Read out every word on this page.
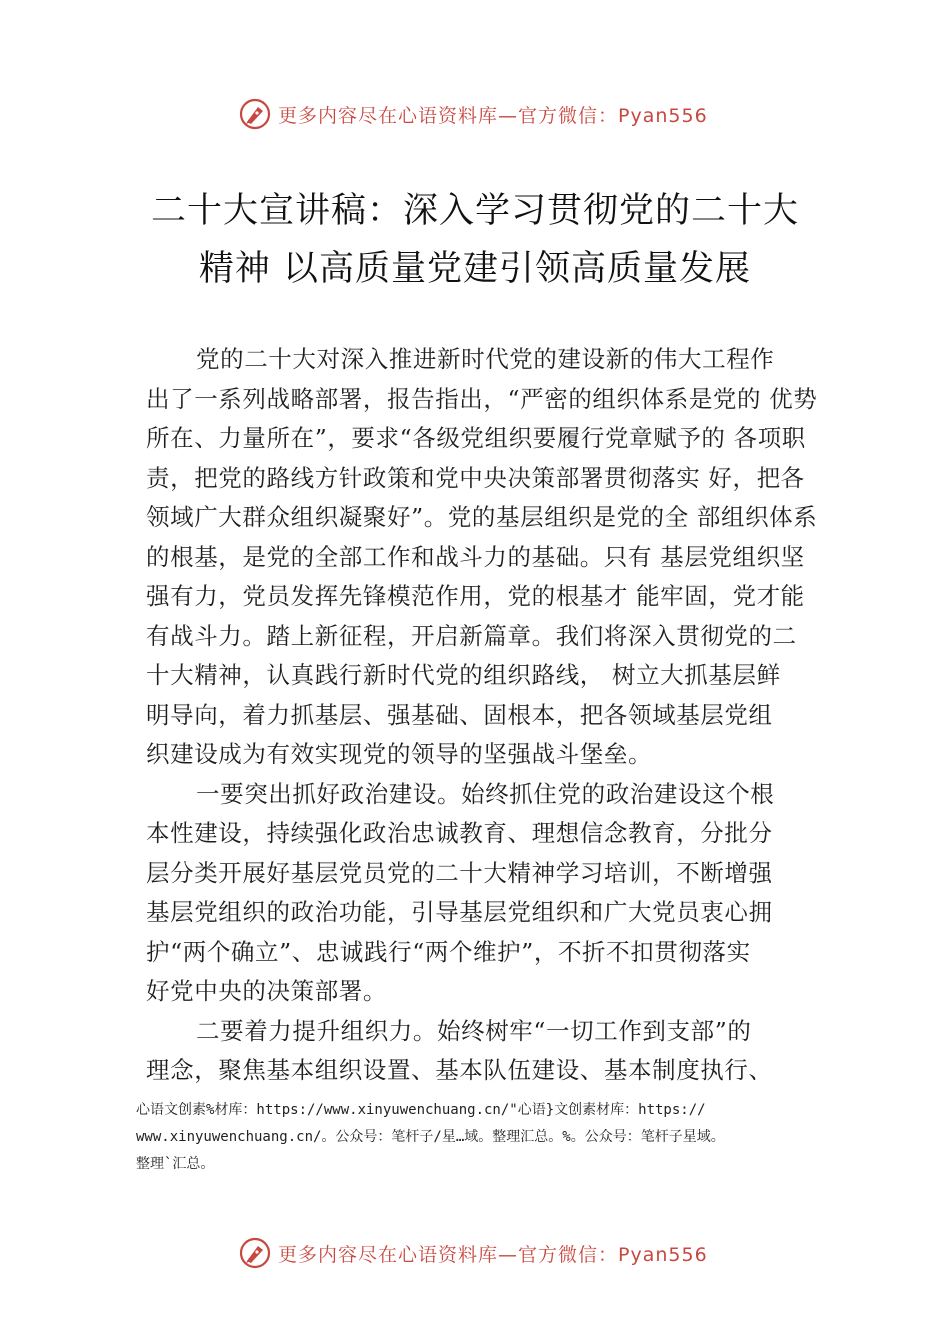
更多内容尽在心语资料库—官方微信：Pyan556
二十大宣讲稿：深入学习贯彻党的二十大
精神 以高质量党建引领高质量发展
党的二十大对深入推进新时代党的建设新的伟大工程作
出了一系列战略部署，报告指出，“严密的组织体系是党的 优势
所在、力量所在”，要求“各级党组织要履行党章赋予的 各项职
责，把党的路线方针政策和党中央决策部署贯彻落实 好，把各
领域广大群众组织凝聚好”。党的基层组织是党的全 部组织体系
的根基，是党的全部工作和战斗力的基础。只有 基层党组织坚
强有力，党员发挥先锋模范作用，党的根基才 能牢固，党才能
有战斗力。踏上新征程，开启新篇章。我们将深入贯彻党的二
十大精神，认真践行新时代党的组织路线， 树立大抓基层鲜
明导向，着力抓基层、强基础、固根本，把各领域基层党组
织建设成为有效实现党的领导的坚强战斗堡垒。
一要突出抓好政治建设。始终抓住党的政治建设这个根
本性建设，持续强化政治忠诚教育、理想信念教育，分批分
层分类开展好基层党员党的二十大精神学习培训，不断增强
基层党组织的政治功能，引导基层党组织和广大党员衷心拥
护“两个确立”、忠诚践行“两个维护”，不折不扣贯彻落实
好党中央的决策部署。
二要着力提升组织力。始终树牢“一切工作到支部”的
理念，聚焦基本组织设置、基本队伍建设、基本制度执行、
心语文创素%材库：https://www.xinyuwenchuang.cn/"心语}文创素材库：https://
www.xinyuwenchuang.cn/。公众号：笔杆子/星…域。整理汇总。%。公众号：笔杆子星域。
整理`汇总。
更多内容尽在心语资料库—官方微信：Pyan556
